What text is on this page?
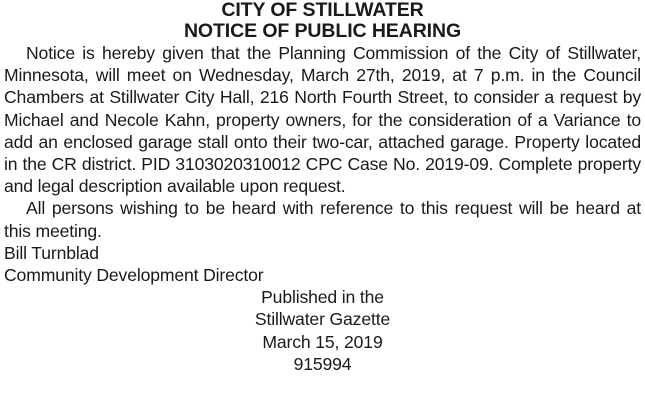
CITY OF STILLWATER

NOTICE OF PUBLIC HEARING

Notice is hereby given that the Planning Commission of the City of Stillwater, Minnesota, will meet on Wednesday, March 27th, 2019, at 7 p.m. in the Council Chambers at Stillwater City Hall, 216 North Fourth Street, to consider a request by Michael and Necole Kahn, property owners, for the consideration of a Variance to add an enclosed garage stall onto their two-car, attached garage. Property located in the CR district. PID 3103020310012 CPC Case No. 2019-09. Complete property and legal description available upon request.

All persons wishing to be heard with reference to this request will be heard at this meeting.

Bill Turnblad

Community Development Director

Published in the

Stillwater Gazette

March 15, 2019

915994
